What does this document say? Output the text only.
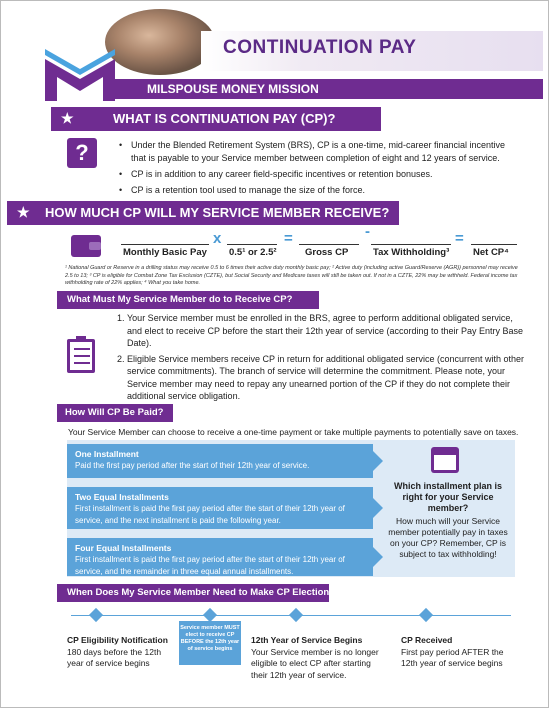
CONTINUATION PAY
MILSPOUSE MONEY MISSION
EDUCATE EMPOWER ELEVATE
★	WHAT IS CONTINUATION PAY (CP)?
?
•	Under the Blended Retirement System (BRS), CP is a one-time, mid-career financial incentive that is payable to your Service member between completion of eight and 12 years of service.
• CP is in addition to any career field-specific incentives or retention bonuses.
• CP is a retention tool used to manage the size of the force.
★ HOW MUCH CP WILL MY SERVICE MEMBER RECEIVE?
Monthly Basic Pay
x
0.5¹ or 2.5²
=
Gross CP
-
Tax Withholding³
=
Net CP⁴
¹ National Guard or Reserve in a drilling status may receive 0.5 to 6 times their active duty monthly basic pay; ² Active duty (including active Guard/Reserve (AGR)) personnel may receive 2.5 to 13; ³ CP is eligible for Combat Zone Tax Exclusion (CZTE), but Social Security and Medicare taxes will still be taken out. If not in a CZTE, 22% may be withheld. Federal income tax withholding rate of 22% applies; ⁴ What you take home.
What Must My Service Member do to Receive CP?
1. Your Service member must be enrolled in the BRS, agree to perform additional obligated service, and elect to receive CP before the start their 12th year of service (according to their Pay Entry Base Date).
2. Eligible Service members receive CP in return for additional obligated service (concurrent with other service commitments). The branch of service will determine the commitment. Please note, your Service member may need to repay any unearned portion of the CP if they do not complete their additional service obligation.
How Will CP Be Paid?
Your Service Member can choose to receive a one-time payment or take multiple payments to potentially save on taxes.
One Installment
Paid the first pay period after the start of their 12th year of service.
Two Equal Installments
First installment is paid the first pay period after the start of their 12th year of service, and the next installment is paid the following year.
Four Equal Installments
First installment is paid the first pay period after the start of their 12th year of service, and the remainder in three equal annual installments.
Which installment plan is right for your Service member?
How much will your Service member potentially pay in taxes on your CP? Remember, CP is subject to tax withholding!
When Does My Service Member Need to Make CP Election?
Service member MUST elect to receive CP BEFORE the 12th year of service begins
CP Eligibility Notification
180 days before the 12th year of service begins
12th Year of Service Begins
Your Service member is no longer eligible to elect CP after starting their 12th year of service.
CP Received
First pay period AFTER the 12th year of service begins
